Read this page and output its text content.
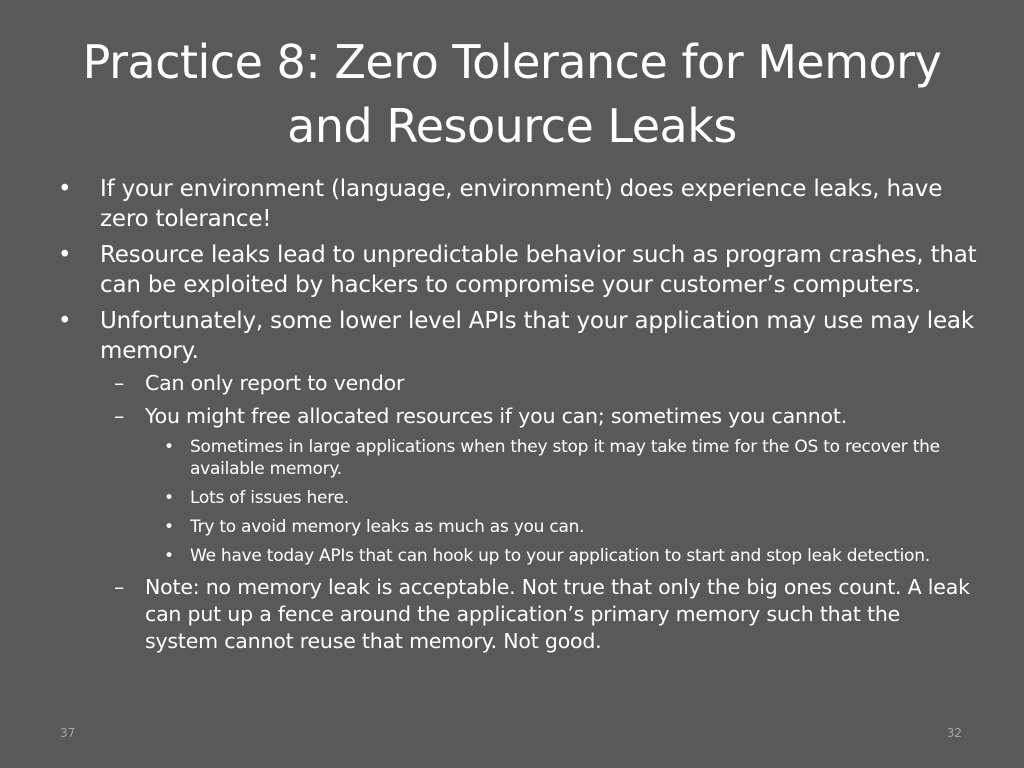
Practice 8: Zero Tolerance for Memory
and Resource Leaks
• If your environment (language, environment) does experience leaks, have zero tolerance!
• Resource leaks lead to unpredictable behavior such as program crashes, that can be exploited by hackers to compromise your customer’s computers.
• Unfortunately, some lower level APIs that your application may use may leak memory.
– Can only report to vendor
– You might free allocated resources if you can; sometimes you cannot.
• Sometimes in large applications when they stop it may take time for the OS to recover the available memory.
• Lots of issues here.
• Try to avoid memory leaks as much as you can.
• We have today APIs that can hook up to your application to start and stop leak detection.
– Note: no memory leak is acceptable. Not true that only the big ones count. A leak can put up a fence around the application’s primary memory such that the system cannot reuse that memory. Not good.
37	32
